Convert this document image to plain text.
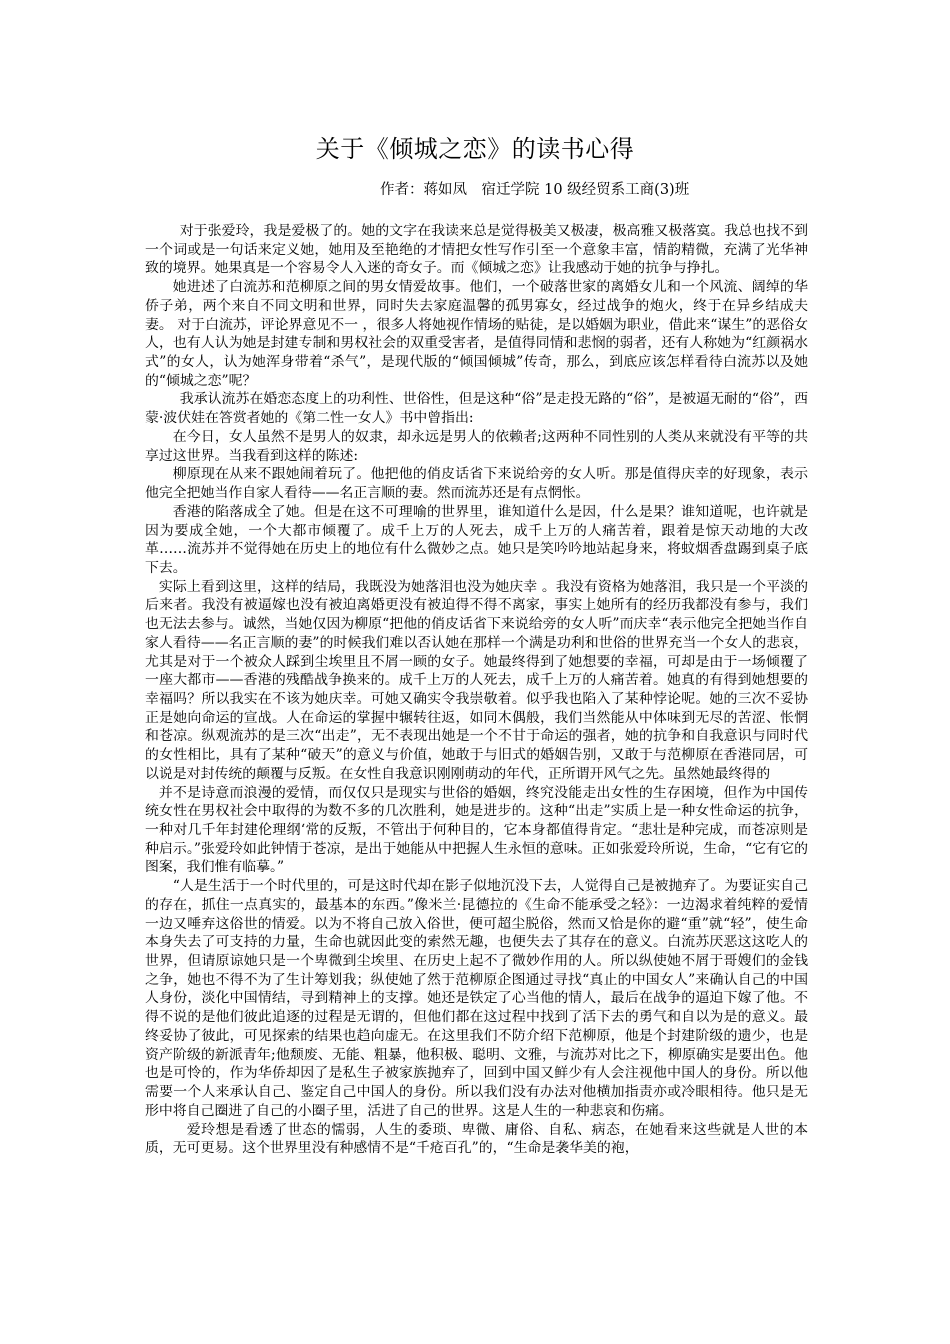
关于《倾城之恋》的读书心得
作者：蒋如凤　宿迁学院 10 级经贸系工商(3)班

对于张爱玲，我是爱极了的。她的文字在我读来总是觉得极美又极凄，极高雅又极落寞。我总也找不到一个词或是一句话来定义她，她用及至艳绝的才情把女性写作引至一个意象丰富，情韵精微，充满了光华神致的境界。她果真是一个容易令人入迷的奇女子。而《倾城之恋》让我感动于她的抗争与挣扎。

她进述了白流苏和范柳原之间的男女情爱故事。他们，一个破落世家的离婚女儿和一个风流、阔绰的华侨子弟，两个来自不同文明和世界，同时失去家庭温馨的孤男寡女，经过战争的炮火，终于在异乡结成夫妻。 对于白流苏，评论界意见不一 ，很多人将她视作情场的贴徒，是以婚姻为职业，借此来“谋生”的恶俗女人，也有人认为她是封建专制和男权社会的双重受害者，是值得同情和悲悯的弱者，还有人称她为“红颜祸水式”的女人，认为她浑身带着“杀气”，是现代版的“倾国倾城”传奇，那么，到底应该怎样看待白流苏以及她的“倾城之恋”呢？

我承认流苏在婚恋态度上的功利性、世俗性，但是这种“俗”是走投无路的“俗”，是被逼无耐的“俗”，西蒙·波伏娃在答赏者她的《第二性一女人》书中曾指出:

在今日，女人虽然不是男人的奴隶，却永远是男人的依赖者;这两种不同性别的人类从来就没有平等的共享过这世界。当我看到这样的陈述:

柳原现在从来不跟她闹着玩了。他把他的俏皮话省下来说给旁的女人听。那是值得庆幸的好现象，表示他完全把她当作自家人看待——名正言顺的妻。然而流苏还是有点惘怅。

香港的陷落成全了她。但是在这不可理喻的世界里，谁知道什么是因，什么是果？谁知道呢，也许就是因为要成全她，一个大都市倾覆了。成千上万的人死去，成千上万的人痛苦着，跟着是惊天动地的大改革……流苏并不觉得她在历史上的地位有什么微妙之点。她只是笑吟吟地站起身来，将蚊烟香盘踢到桌子底下去。

实际上看到这里，这样的结局，我既没为她落泪也没为她庆幸 。我没有资格为她落泪，我只是一个平淡的后来者。我没有被逼嫁也没有被迫离婚更没有被迫得不得不离家，事实上她所有的经历我都没有参与，我们也无法去参与。诚然，当她仅因为柳原“把他的俏皮话省下来说给旁的女人听”而庆幸“表示他完全把她当作自家人看待——名正言顺的妻”的时候我们难以否认她在那样一个满是功利和世俗的世界充当一个女人的悲哀，尤其是对于一个被众人踩到尘埃里且不屑一顾的女子。她最终得到了她想要的幸福，可却是由于一场倾覆了一座大都市——香港的残酷战争换来的。成千上万的人死去，成千上万的人痛苦着。她真的有得到她想要的幸福吗？所以我实在不该为她庆幸。可她又确实令我崇敬着。似乎我也陷入了某种悖论呢。她的三次不妥协正是她向命运的宣战。人在命运的掌握中辗转往返，如同木偶般，我们当然能从中体味到无尽的苦涩、怅惘和苍凉。纵观流苏的是三次“出走”，无不表现出她是一个不甘于命运的强者，她的抗争和自我意识与同时代的女性相比，具有了某种“破天”的意义与价值，她敢于与旧式的婚姻告别，又敢于与范柳原在香港同居，可以说是对封传统的颠覆与反叛。在女性自我意识刚刚萌动的年代，正所谓开风气之先。虽然她最终得的

并不是诗意而浪漫的爱情，而仅仅只是现实与世俗的婚姻，终究没能走出女性的生存困境，但作为中国传统女性在男权社会中取得的为数不多的几次胜利，她是进步的。这种“出走”实质上是一种女性命运的抗争，一种对几千年封建伦理纲‘常的反叛，不管出于何种目的，它本身都值得肯定。“悲壮是种完成，而苍凉则是种启示。”张爱玲如此钟情于苍凉，是出于她能从中把握人生永恒的意味。正如张爱玲所说，生命，“它有它的图案，我们惟有临摹。”

“人是生活于一个时代里的，可是这时代却在影子似地沉没下去，人觉得自己是被抛弃了。为要证实自己的存在，抓住一点真实的，最基本的东西。”像米兰·昆德拉的《生命不能承受之轻》：一边渴求着纯粹的爱情一边又唾弃这俗世的情爱。以为不将自己放入俗世，便可超尘脱俗，然而又恰是你的避“重”就“轻”，使生命本身失去了可支持的力量，生命也就因此变的索然无趣，也便失去了其存在的意义。白流苏厌恶这这吃人的世界，但请原谅她只是一个卑微到尘埃里、在历史上起不了微妙作用的人。所以纵使她不屑于哥嫂们的金钱之争，她也不得不为了生计筹划我；纵使她了然于范柳原企图通过寻找“真止的中国女人”来确认自己的中国人身份，淡化中国情结，寻到精神上的支撑。她还是铁定了心当他的情人，最后在战争的逼迫下嫁了他。不得不说的是他们彼此追逐的过程是无谓的，但他们都在这过程中找到了活下去的勇气和自以为是的意义。最终妥协了彼此，可见探索的结果也趋向虚无。在这里我们不防介绍下范柳原，他是个封建阶级的遗少，也是资产阶级的新派青年;他颓废、无能、粗暴，他积极、聪明、文雅，与流苏对比之下，柳原确实是要出色。他也是可怜的，作为华侨却因了是私生子被家族抛弃了，回到中国又鲜少有人会注视他中国人的身份。所以他需要一个人来承认自己、鉴定自己中国人的身份。所以我们没有办法对他横加指责亦或冷眼相待。他只是无形中将自己圈进了自己的小圈子里，活进了自己的世界。这是人生的一种悲哀和伤痛。

爱玲想是看透了世态的懦弱，人生的委琐、卑微、庸俗、自私、病态，在她看来这些就是人世的本质，无可更易。这个世界里没有种感情不是“千疮百孔”的，“生命是袭华美的袍，
